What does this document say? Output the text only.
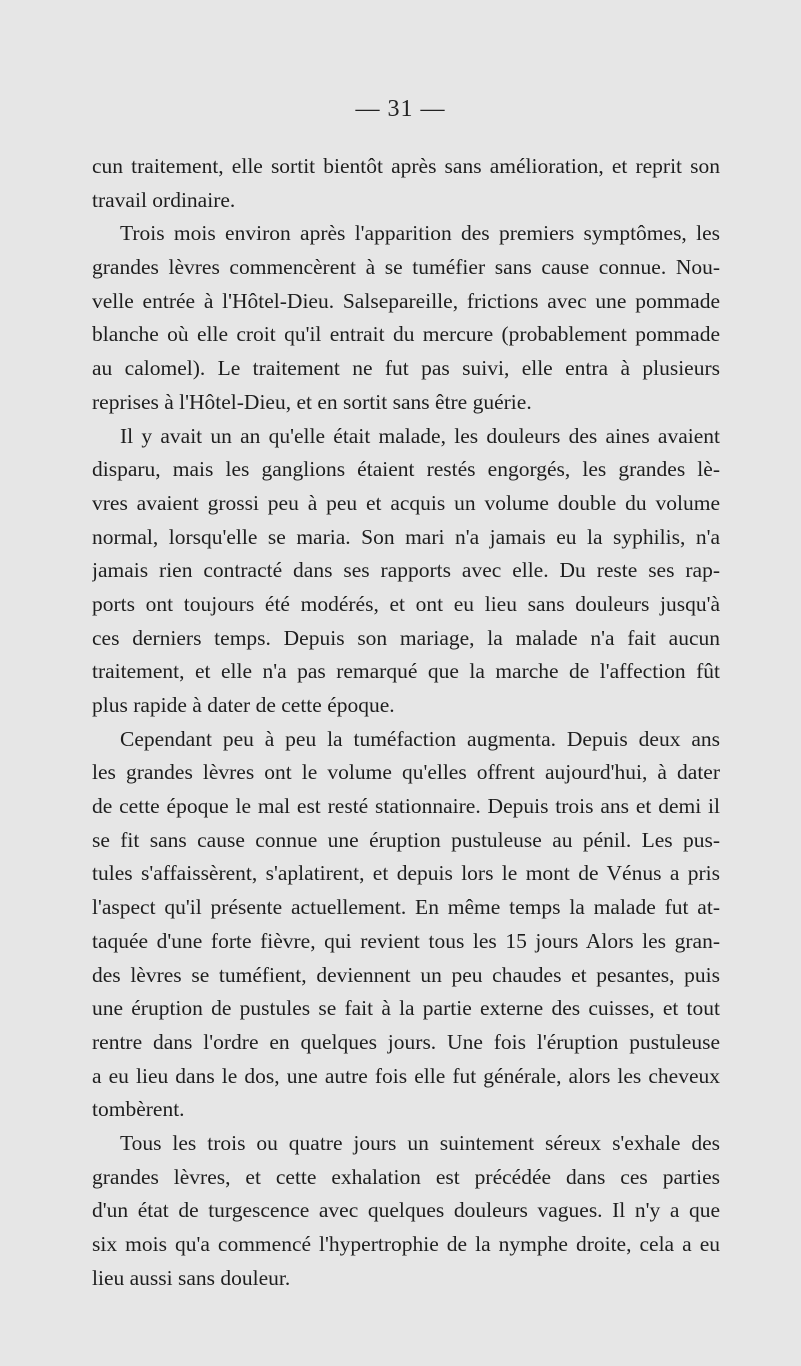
— 31 —
cun traitement, elle sortit bientôt après sans amélioration, et reprit son
travail ordinaire.
Trois mois environ après l'apparition des premiers symptômes, les
grandes lèvres commencèrent à se tuméfier sans cause connue. Nou-
velle entrée à l'Hôtel-Dieu. Salsepareille, frictions avec une pommade
blanche où elle croit qu'il entrait du mercure (probablement pommade
au calomel). Le traitement ne fut pas suivi, elle entra à plusieurs
reprises à l'Hôtel-Dieu, et en sortit sans être guérie.
Il y avait un an qu'elle était malade, les douleurs des aines avaient
disparu, mais les ganglions étaient restés engorgés, les grandes lè-
vres avaient grossi peu à peu et acquis un volume double du volume
normal, lorsqu'elle se maria. Son mari n'a jamais eu la syphilis, n'a
jamais rien contracté dans ses rapports avec elle. Du reste ses rap-
ports ont toujours été modérés, et ont eu lieu sans douleurs jusqu'à
ces derniers temps. Depuis son mariage, la malade n'a fait aucun
traitement, et elle n'a pas remarqué que la marche de l'affection fût
plus rapide à dater de cette époque.
Cependant peu à peu la tuméfaction augmenta. Depuis deux ans
les grandes lèvres ont le volume qu'elles offrent aujourd'hui, à dater
de cette époque le mal est resté stationnaire. Depuis trois ans et demi il
se fit sans cause connue une éruption pustuleuse au pénil. Les pus-
tules s'affaissèrent, s'aplatirent, et depuis lors le mont de Vénus a pris
l'aspect qu'il présente actuellement. En même temps la malade fut at-
taquée d'une forte fièvre, qui revient tous les 15 jours Alors les gran-
des lèvres se tuméfient, deviennent un peu chaudes et pesantes, puis
une éruption de pustules se fait à la partie externe des cuisses, et tout
rentre dans l'ordre en quelques jours. Une fois l'éruption pustuleuse
a eu lieu dans le dos, une autre fois elle fut générale, alors les cheveux
tombèrent.
Tous les trois ou quatre jours un suintement séreux s'exhale des
grandes lèvres, et cette exhalation est précédée dans ces parties
d'un état de turgescence avec quelques douleurs vagues. Il n'y a que
six mois qu'a commencé l'hypertrophie de la nymphe droite, cela a eu
lieu aussi sans douleur.
